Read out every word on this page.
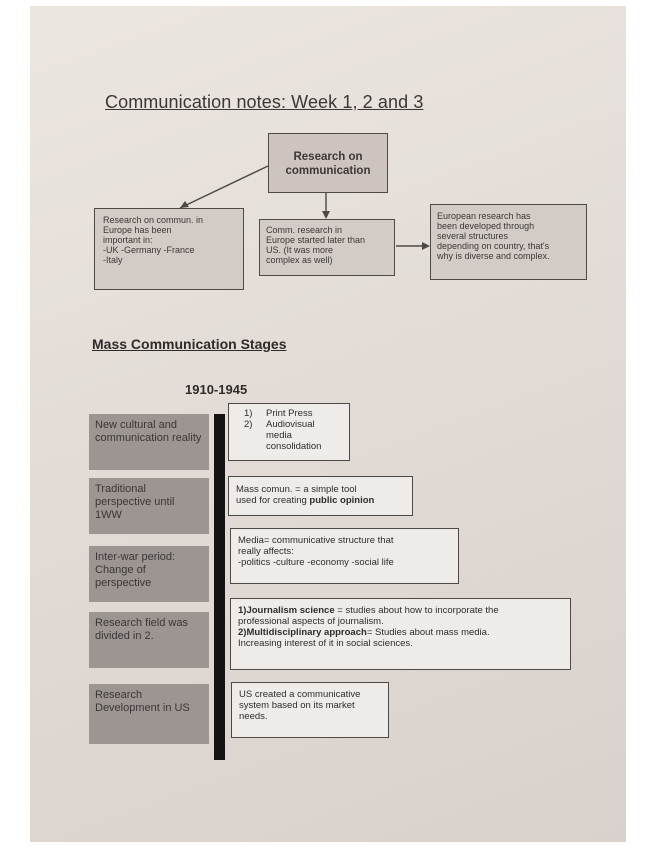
Communication notes: Week 1, 2 and 3
Research on communication
Research on commun. in
Europe has been
important in:
-UK -Germany -France
-Italy
Comm. research in
Europe started later than
US. (It was more
complex as well)
European research has
been developed through
several structures
depending on country, that's
why is diverse and complex.
Mass Communication Stages
1910-1945
New cultural and communication reality
1)	Print Press
2)	Audiovisual media
consolidation
Traditional perspective until 1WW
Mass comun. = a simple tool
used for creating public opinion
Inter-war period: Change of perspective
Media= communicative structure that
really affects:
-politics -culture -economy -social life
Research field was divided in 2.
1)Journalism science = studies about how to incorporate the
professional aspects of journalism.
2)Multidisciplinary approach= Studies about mass media.
Increasing interest of it in social sciences.
Research Development in US
US created a communicative
system based on its market
needs.
